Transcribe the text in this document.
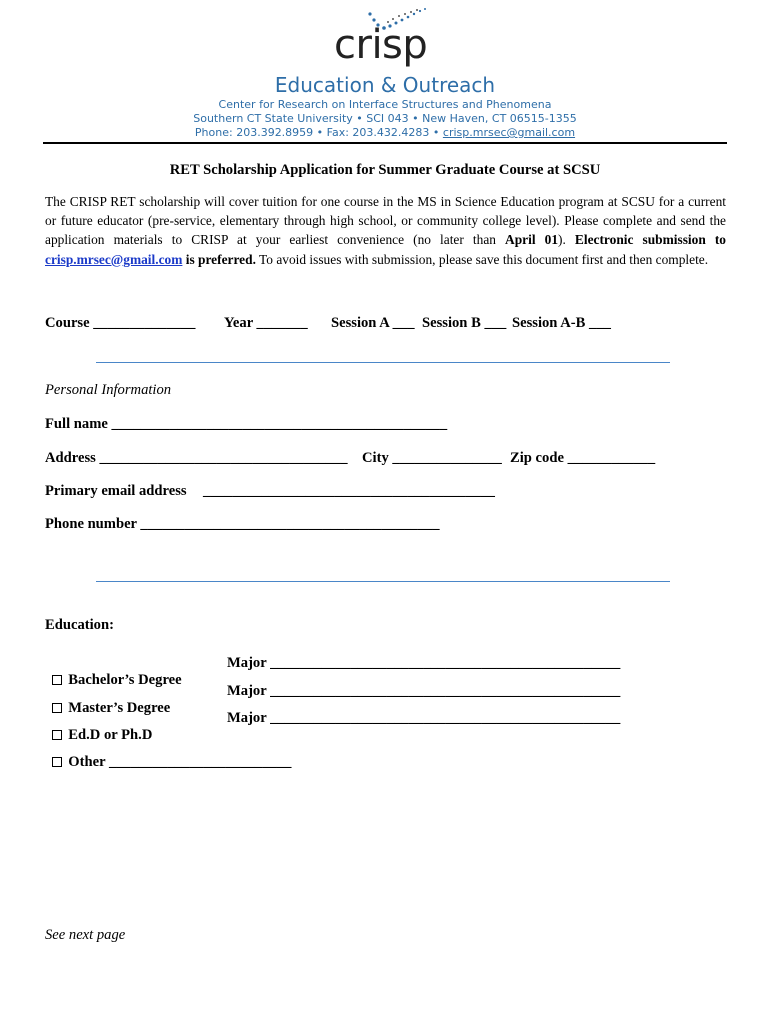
crisp
Education & Outreach
Center for Research on Interface Structures and Phenomena
Southern CT State University • SCI 043 • New Haven, CT 06515-1355
Phone: 203.392.8959 • Fax: 203.432.4283 • crisp.mrsec@gmail.com
RET Scholarship Application for Summer Graduate Course at SCSU
The CRISP RET scholarship will cover tuition for one course in the MS in Science Education program at SCSU for a current or future educator (pre-service, elementary through high school, or community college level). Please complete and send the application materials to CRISP at your earliest convenience (no later than April 01). Electronic submission to crisp.mrsec@gmail.com is preferred. To avoid issues with submission, please save this document first and then complete.
Course ______________ Year _______ Session A ___ Session B ___ Session A-B ___
Personal Information
Full name ______________________________________________
Address __________________________________ City _______________ Zip code ____________
Primary email address ________________________________________
Phone number _________________________________________
Education:

Bachelor’s Degree

Major ________________________________________________

Master’s Degree

Major ________________________________________________

Ed.D or Ph.D

Major ________________________________________________

Other _________________________

See next page
